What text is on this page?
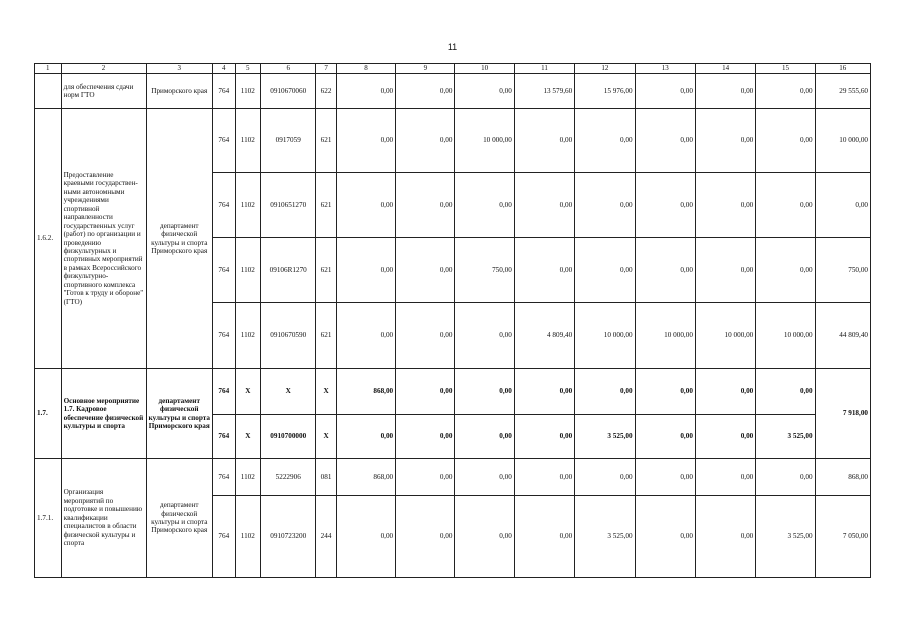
11
1	2	3	4	5	6	7	8	9	10	11	12	13	14	15	16
	для обеспечения сдачи норм ГТО	Приморского края	764	1102	0910670060	622	0,00	0,00	0,00	13 579,60	15 976,00	0,00	0,00	0,00	29 555,60
1.6.2.	Предоставление краевыми государствен-ными автономными учреждениями спортивной направленности государственных услуг (работ) по организации и проведению физкультурных и спортивных мероприятий в рамках Всероссийского физкультурно-спортивного комплекса "Готов к труду и обороне" (ГТО)	департамент физической культуры и спорта Приморского края	764	1102	0917059	621	0,00	0,00	10 000,00	0,00	0,00	0,00	0,00	0,00	10 000,00
			764	1102	0910651270	621	0,00	0,00	0,00	0,00	0,00	0,00	0,00	0,00	0,00
			764	1102	09106R1270	621	0,00	0,00	750,00	0,00	0,00	0,00	0,00	0,00	750,00
			764	1102	0910670590	621	0,00	0,00	0,00	4 809,40	10 000,00	10 000,00	10 000,00	10 000,00	44 809,40
1.7.	Основное мероприятие 1.7. Кадровое обеспечение физической культуры и спорта	департамент физической культуры и спорта Приморского края	764	X	X	X	868,00	0,00	0,00	0,00	0,00	0,00	0,00	0,00	7 918,00
			764	X	0910700000	X	0,00	0,00	0,00	0,00	3 525,00	0,00	0,00	3 525,00	
1.7.1.	Организация мероприятий по подготовке и повышению квалификации специалистов в области физической культуры и спорта	департамент физической культуры и спорта Приморского края	764	1102	5222906	081	868,00	0,00	0,00	0,00	0,00	0,00	0,00	0,00	868,00
			764	1102	0910723200	244	0,00	0,00	0,00	0,00	3 525,00	0,00	0,00	3 525,00	7 050,00
